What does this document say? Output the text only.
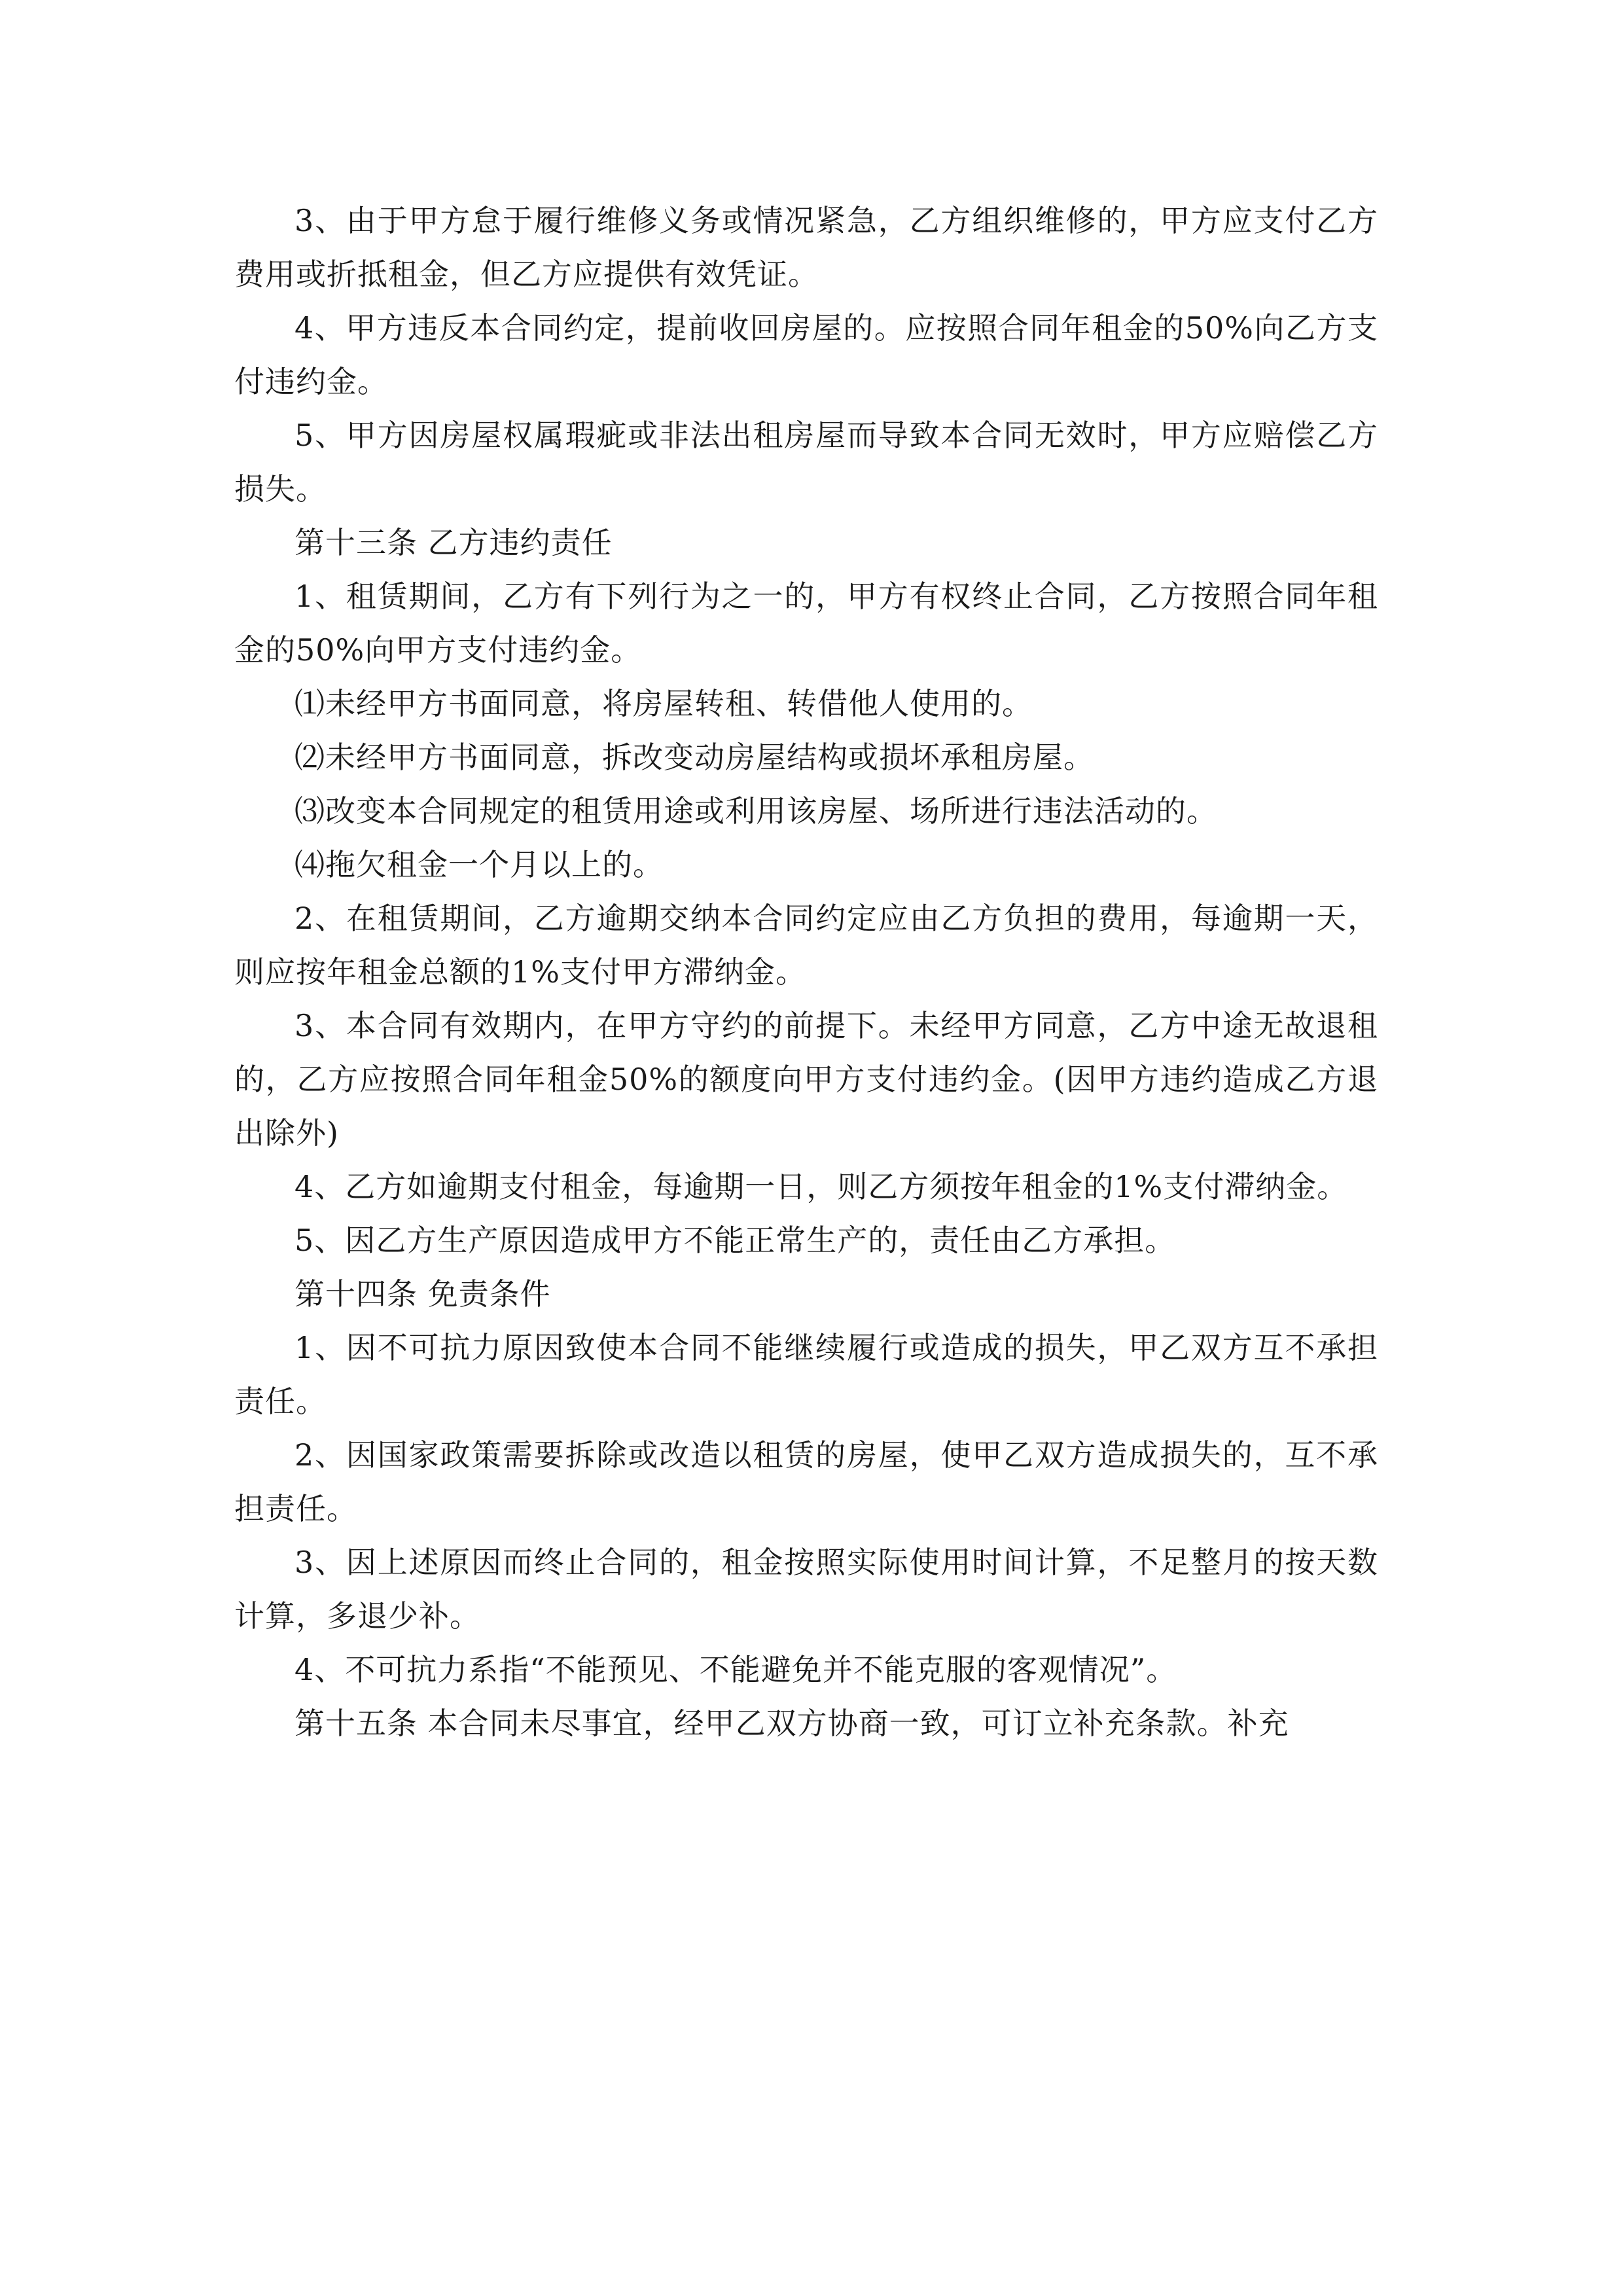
3、由于甲方怠于履行维修义务或情况紧急，乙方组织维修的，甲方应支付乙方费用或折抵租金，但乙方应提供有效凭证。

4、甲方违反本合同约定，提前收回房屋的。应按照合同年租金的50%向乙方支付违约金。

5、甲方因房屋权属瑕疵或非法出租房屋而导致本合同无效时，甲方应赔偿乙方损失。

第十三条 乙方违约责任

1、租赁期间，乙方有下列行为之一的，甲方有权终止合同，乙方按照合同年租金的50%向甲方支付违约金。

⑴未经甲方书面同意，将房屋转租、转借他人使用的。

⑵未经甲方书面同意，拆改变动房屋结构或损坏承租房屋。

⑶改变本合同规定的租赁用途或利用该房屋、场所进行违法活动的。

⑷拖欠租金一个月以上的。

2、在租赁期间，乙方逾期交纳本合同约定应由乙方负担的费用，每逾期一天，则应按年租金总额的1%支付甲方滞纳金。

3、本合同有效期内，在甲方守约的前提下。未经甲方同意，乙方中途无故退租的，乙方应按照合同年租金50%的额度向甲方支付违约金。(因甲方违约造成乙方退出除外)

4、乙方如逾期支付租金，每逾期一日，则乙方须按年租金的1%支付滞纳金。

5、因乙方生产原因造成甲方不能正常生产的，责任由乙方承担。

第十四条 免责条件

1、因不可抗力原因致使本合同不能继续履行或造成的损失，甲乙双方互不承担责任。

2、因国家政策需要拆除或改造以租赁的房屋，使甲乙双方造成损失的，互不承担责任。

3、因上述原因而终止合同的，租金按照实际使用时间计算，不足整月的按天数计算，多退少补。

4、不可抗力系指“不能预见、不能避免并不能克服的客观情况”。

第十五条 本合同未尽事宜，经甲乙双方协商一致，可订立补充条款。补充
